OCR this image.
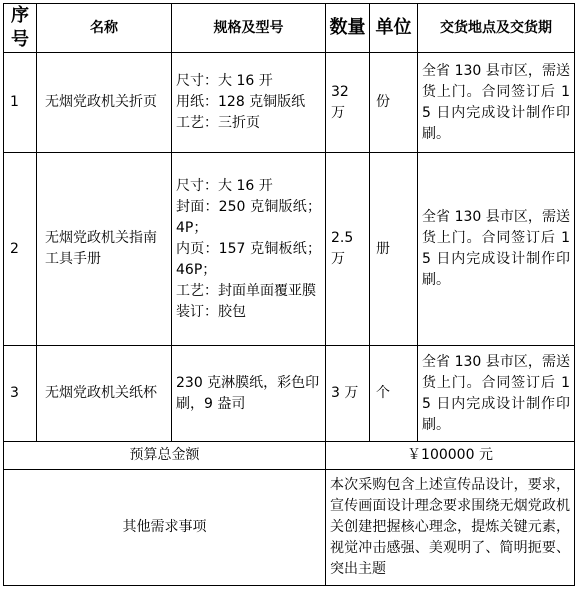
序号	名称	规格及型号	数量	单位	交货地点及交货期
1	无烟党政机关折页	尺寸：大 16 开
用纸：128 克铜版纸
工艺：三折页	32 万	份	全省 130 县市区，需送货上门。合同签订后 15 日内完成设计制作印刷。
2	无烟党政机关指南工具手册	尺寸：大 16 开
封面：250 克铜版纸；4P；
内页：157 克铜板纸；46P；
工艺：封面单面覆亚膜
装订：胶包	2.5 万	册	全省 130 县市区，需送货上门。合同签订后 15 日内完成设计制作印刷。
3	无烟党政机关纸杯	230 克淋膜纸，彩色印刷，9 盎司	3 万	个	全省 130 县市区，需送货上门。合同签订后 15 日内完成设计制作印刷。
预算总金额			￥100000 元		
其他需求事项			本次采购包含上述宣传品设计，要求，宣传画面设计理念要求围绕无烟党政机关创建把握核心理念，提炼关键元素，视觉冲击感强、美观明了、简明扼要、突出主题		
